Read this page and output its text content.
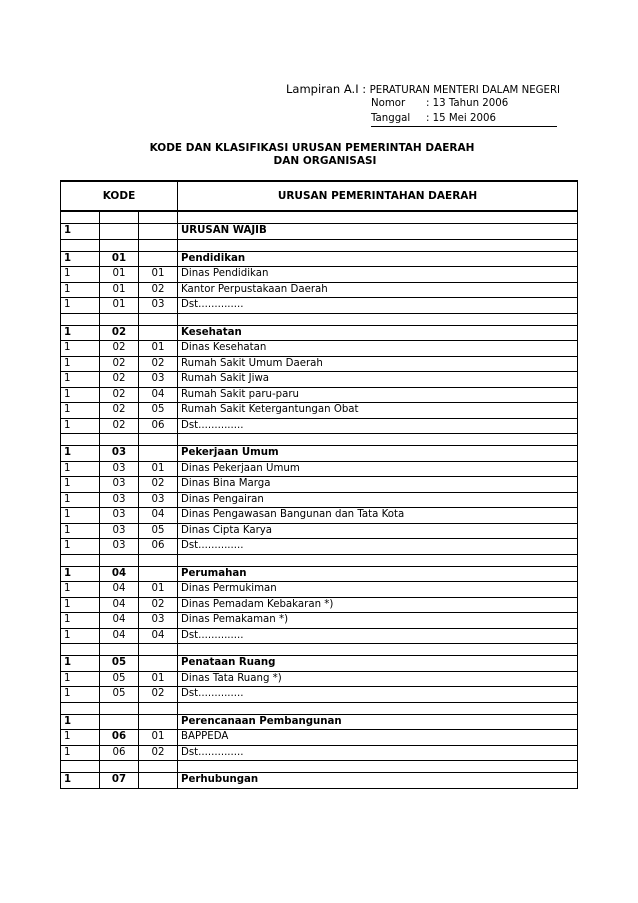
Lampiran A.I : PERATURAN MENTERI DALAM NEGERI
Nomor : 13 Tahun 2006
Tanggal : 15 Mei 2006
KODE DAN KLASIFIKASI URUSAN PEMERINTAH DAERAH
DAN ORGANISASI
KODE			URUSAN PEMERINTAHAN DAERAH

1			URUSAN WAJIB

1	01		Pendidikan
1	01	01	Dinas Pendidikan
1	01	02	Kantor Perpustakaan Daerah
1	01	03	Dst..............

1	02		Kesehatan
1	02	01	Dinas Kesehatan
1	02	02	Rumah Sakit Umum Daerah
1	02	03	Rumah Sakit Jiwa
1	02	04	Rumah Sakit paru-paru
1	02	05	Rumah Sakit Ketergantungan Obat
1	02	06	Dst..............

1	03		Pekerjaan Umum
1	03	01	Dinas Pekerjaan Umum
1	03	02	Dinas Bina Marga
1	03	03	Dinas Pengairan
1	03	04	Dinas Pengawasan Bangunan dan Tata Kota
1	03	05	Dinas Cipta Karya
1	03	06	Dst..............

1	04		Perumahan
1	04	01	Dinas Permukiman
1	04	02	Dinas Pemadam Kebakaran *)
1	04	03	Dinas Pemakaman *)
1	04	04	Dst..............

1	05		Penataan Ruang
1	05	01	Dinas Tata Ruang *)
1	05	02	Dst..............

1			Perencanaan Pembangunan
1	06	01	BAPPEDA
1	06	02	Dst..............

1	07		Perhubungan
